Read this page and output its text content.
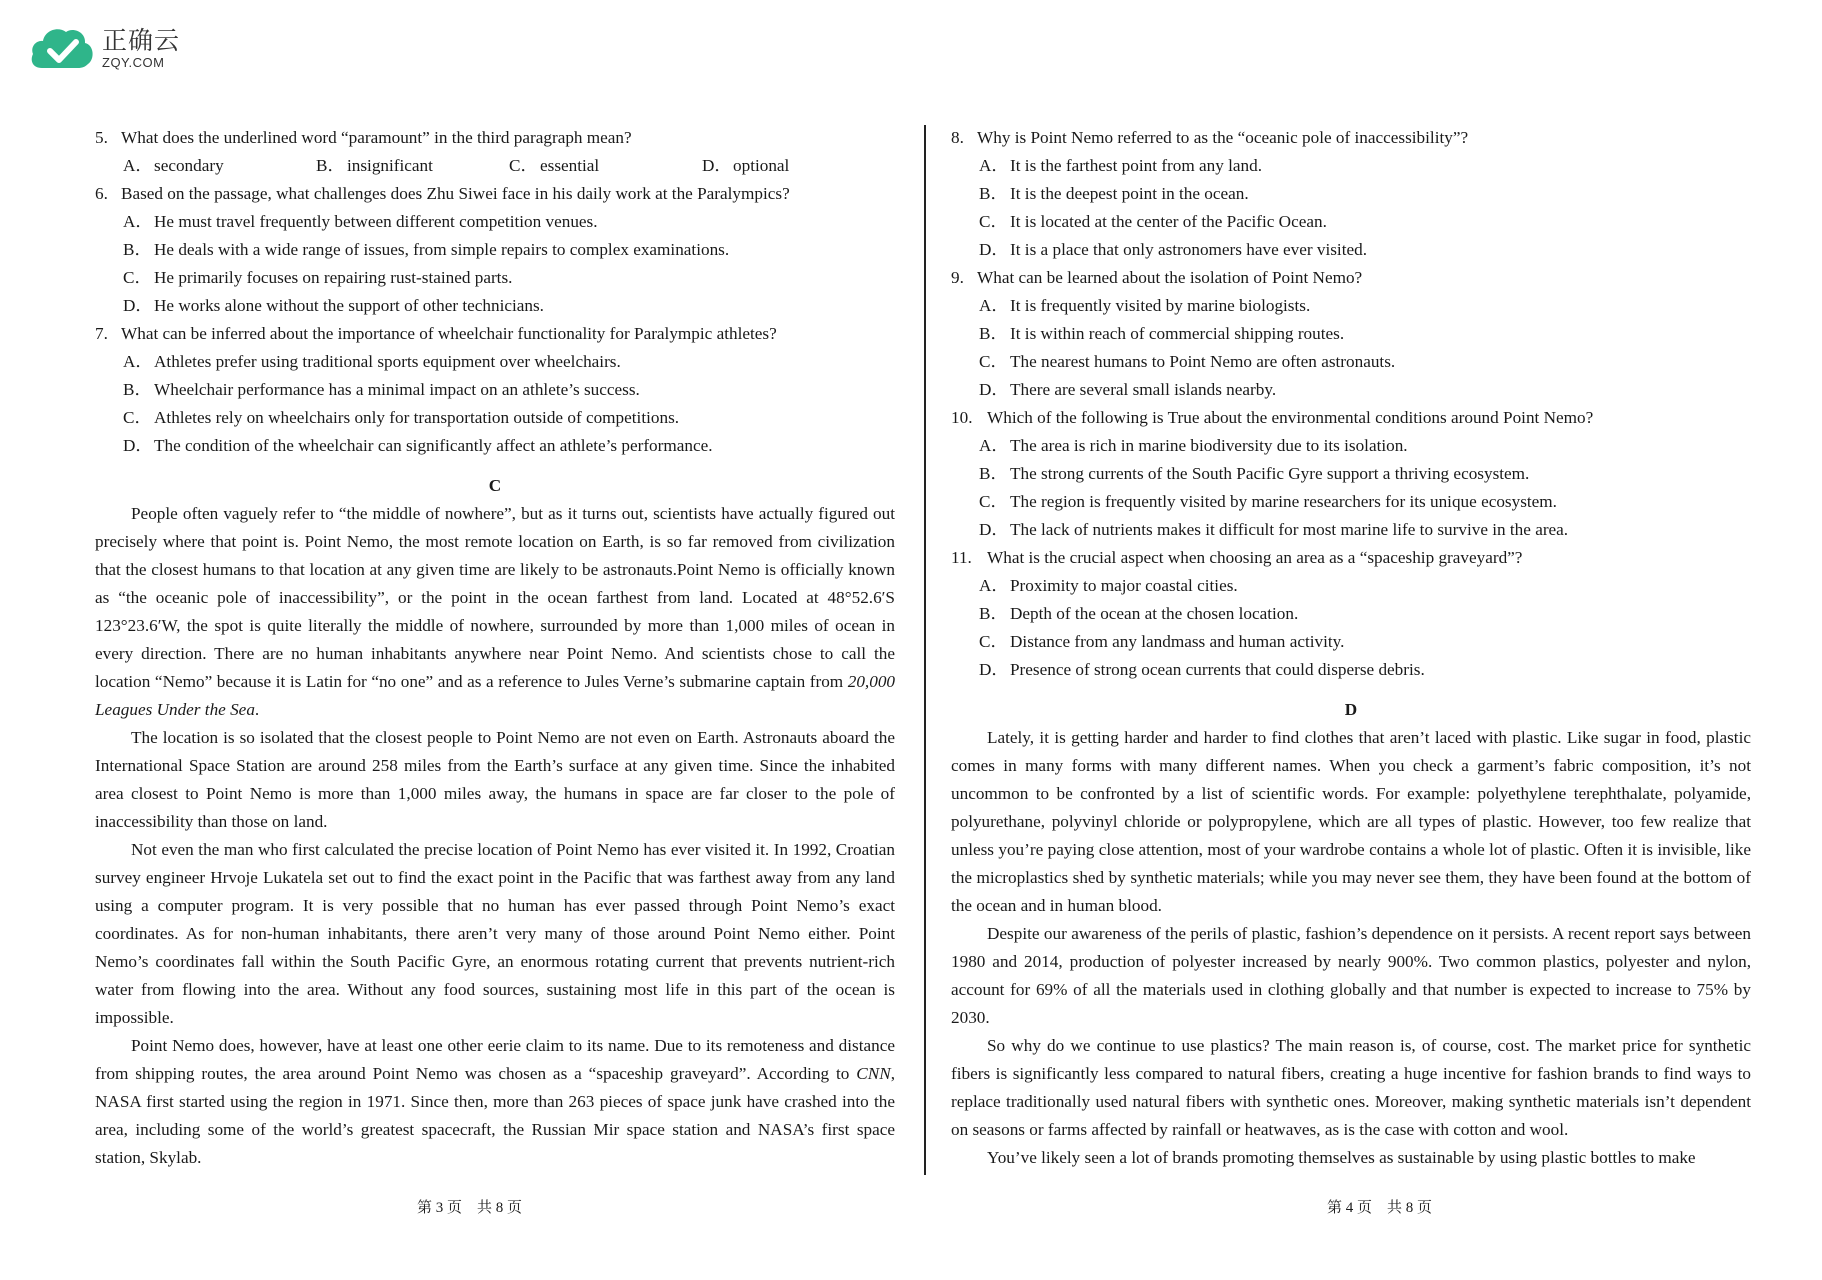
正确云
ZQY.COM

5. What does the underlined word “paramount” in the third paragraph mean?

A．secondary	B． insignificant	C． essential	D．optional

6. Based on the passage, what challenges does Zhu Siwei face in his daily work at the Paralympics?

A．He must travel frequently between different competition venues.

B． He deals with a wide range of issues, from simple repairs to complex examinations.

C． He primarily focuses on repairing rust-stained parts.

D．He works alone without the support of other technicians.

7. What can be inferred about the importance of wheelchair functionality for Paralympic athletes?

A．Athletes prefer using traditional sports equipment over wheelchairs.

B． Wheelchair performance has a minimal impact on an athlete’s success.

C． Athletes rely on wheelchairs only for transportation outside of competitions.

D．The condition of the wheelchair can significantly affect an athlete’s performance.

C

People often vaguely refer to “the middle of nowhere”, but as it turns out, scientists have actually figured out precisely where that point is. Point Nemo, the most remote location on Earth, is so far removed from civilization that the closest humans to that location at any given time are likely to be astronauts.Point Nemo is officially known as “the oceanic pole of inaccessibility”, or the point in the ocean farthest from land. Located at 48°52.6′S 123°23.6′W, the spot is quite literally the middle of nowhere, surrounded by more than 1,000 miles of ocean in every direction. There are no human inhabitants anywhere near Point Nemo. And scientists chose to call the location “Nemo” because it is Latin for “no one” and as a reference to Jules Verne’s submarine captain from 20,000 Leagues Under the Sea.

The location is so isolated that the closest people to Point Nemo are not even on Earth. Astronauts aboard the International Space Station are around 258 miles from the Earth’s surface at any given time. Since the inhabited area closest to Point Nemo is more than 1,000 miles away, the humans in space are far closer to the pole of inaccessibility than those on land.

Not even the man who first calculated the precise location of Point Nemo has ever visited it. In 1992, Croatian survey engineer Hrvoje Lukatela set out to find the exact point in the Pacific that was farthest away from any land using a computer program. It is very possible that no human has ever passed through Point Nemo’s exact coordinates. As for non-human inhabitants, there aren’t very many of those around Point Nemo either. Point Nemo’s coordinates fall within the South Pacific Gyre, an enormous rotating current that prevents nutrient-rich water from flowing into the area. Without any food sources, sustaining most life in this part of the ocean is impossible.

Point Nemo does, however, have at least one other eerie claim to its name. Due to its remoteness and distance from shipping routes, the area around Point Nemo was chosen as a “spaceship graveyard”. According to CNN, NASA first started using the region in 1971. Since then, more than 263 pieces of space junk have crashed into the area, including some of the world’s greatest spacecraft, the Russian Mir space station and NASA’s first space station, Skylab.

8. Why is Point Nemo referred to as the “oceanic pole of inaccessibility”?

A．It is the farthest point from any land.

B． It is the deepest point in the ocean.

C． It is located at the center of the Pacific Ocean.

D．It is a place that only astronomers have ever visited.

9. What can be learned about the isolation of Point Nemo?

A．It is frequently visited by marine biologists.

B． It is within reach of commercial shipping routes.

C． The nearest humans to Point Nemo are often astronauts.

D．There are several small islands nearby.

10. Which of the following is True about the environmental conditions around Point Nemo?

A．The area is rich in marine biodiversity due to its isolation.

B． The strong currents of the South Pacific Gyre support a thriving ecosystem.

C． The region is frequently visited by marine researchers for its unique ecosystem.

D．The lack of nutrients makes it difficult for most marine life to survive in the area.

11. What is the crucial aspect when choosing an area as a “spaceship graveyard”?

A．Proximity to major coastal cities.

B． Depth of the ocean at the chosen location.

C． Distance from any landmass and human activity.

D．Presence of strong ocean currents that could disperse debris.

D

Lately, it is getting harder and harder to find clothes that aren’t laced with plastic. Like sugar in food, plastic comes in many forms with many different names. When you check a garment’s fabric composition, it’s not uncommon to be confronted by a list of scientific words. For example: polyethylene terephthalate, polyamide, polyurethane, polyvinyl chloride or polypropylene, which are all types of plastic. However, too few realize that unless you’re paying close attention, most of your wardrobe contains a whole lot of plastic. Often it is invisible, like the microplastics shed by synthetic materials; while you may never see them, they have been found at the bottom of the ocean and in human blood.

Despite our awareness of the perils of plastic, fashion’s dependence on it persists. A recent report says between 1980 and 2014, production of polyester increased by nearly 900%. Two common plastics, polyester and nylon, account for 69% of all the materials used in clothing globally and that number is expected to increase to 75% by 2030.

So why do we continue to use plastics? The main reason is, of course, cost. The market price for synthetic fibers is significantly less compared to natural fibers, creating a huge incentive for fashion brands to find ways to replace traditionally used natural fibers with synthetic ones. Moreover, making synthetic materials isn’t dependent on seasons or farms affected by rainfall or heatwaves, as is the case with cotton and wool.

You’ve likely seen a lot of brands promoting themselves as sustainable by using plastic bottles to make

第 3 页　共 8 页	第 4 页　共 8 页
